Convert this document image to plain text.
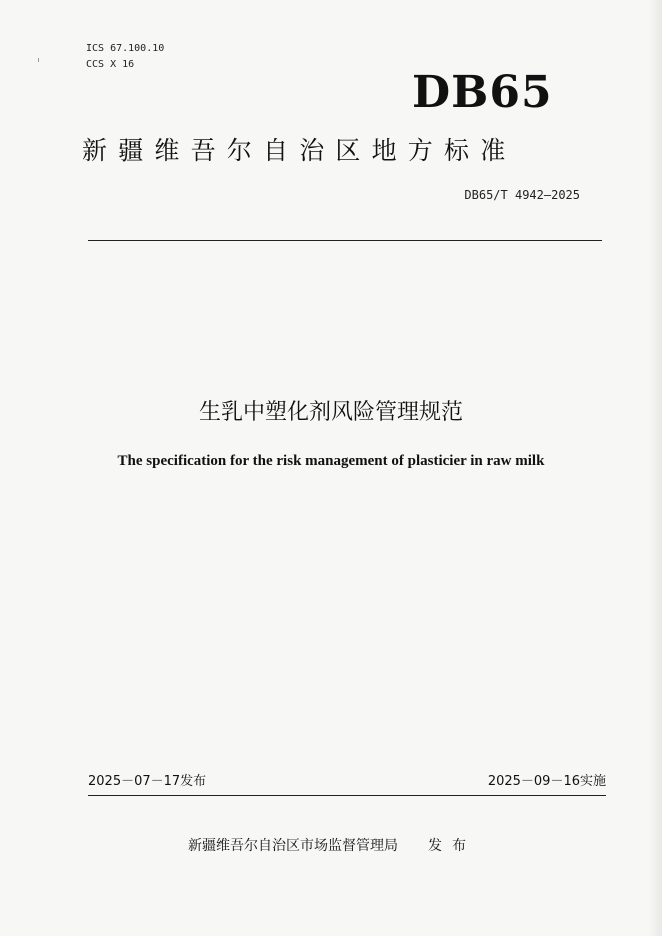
ICS 67.100.10
CCS X 16
DB65
新疆维吾尔自治区地方标准
DB65/T 4942—2025
生乳中塑化剂风险管理规范
The specification for the risk management of plasticier in raw milk
2025－07－17发布	2025－09－16实施
新疆维吾尔自治区市场监督管理局 发布
